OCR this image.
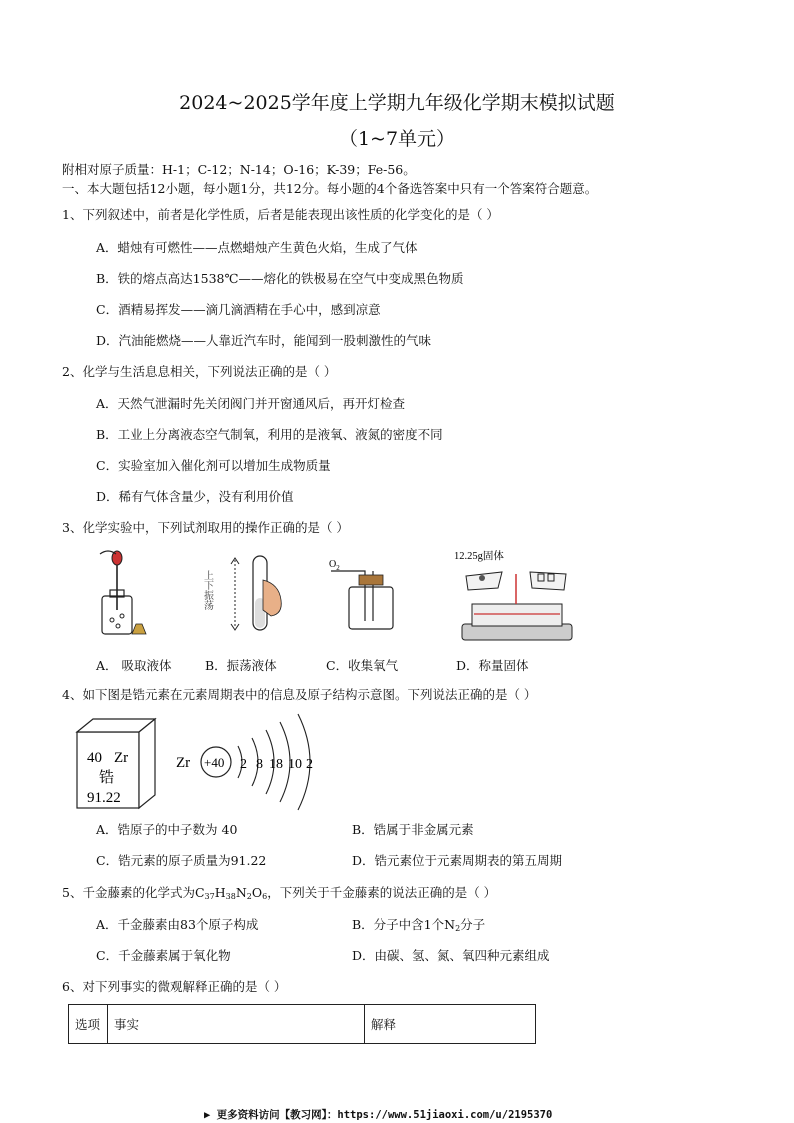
2024~2025学年度上学期九年级化学期末模拟试题
（1~7单元）
附相对原子质量：H-1；C-12；N-14；O-16；K-39；Fe-56。
一、本大题包括12小题，每小题1分，共12分。每小题的4个备选答案中只有一个答案符合题意。
1、下列叙述中，前者是化学性质，后者是能表现出该性质的化学变化的是（ ）
A．蜡烛有可燃性——点燃蜡烛产生黄色火焰，生成了气体
B．铁的熔点高达1538℃——熔化的铁极易在空气中变成黑色物质
C．酒精易挥发——滴几滴酒精在手心中，感到凉意
D．汽油能燃烧——人靠近汽车时，能闻到一股刺激性的气味
2、化学与生活息息相关，下列说法正确的是（ ）
A．天然气泄漏时先关闭阀门并开窗通风后，再开灯检查
B．工业上分离液态空气制氧，利用的是液氧、液氮的密度不同
C．实验室加入催化剂可以增加生成物质量
D．稀有气体含量少，没有利用价值
3、化学实验中，下列试剂取用的操作正确的是（ ）
上下振荡
$O_2$
12.25g固体
A． 吸取液体	B．振荡液体	C．收集氧气	D．称量固体
4、如下图是锆元素在元素周期表中的信息及原子结构示意图。下列说法正确的是（ ）
40 Zr
锆
91.22
Zr +40 2 8 18 10 2
A．锆原子的中子数为 40	B．锆属于非金属元素
C．锆元素的原子质量为91.22	D．锆元素位于元素周期表的第五周期
5、千金藤素的化学式为$C_{37}H_{38}N_2O_6$，下列关于千金藤素的说法正确的是（ ）
A．千金藤素由83个原子构成	B．分子中含1个$N_2$分子
C．千金藤素属于氧化物	D．由碳、氢、氮、氧四种元素组成
6、对下列事实的微观解释正确的是（ ）
选项	事实	解释
▶ 更多资料访问【教习网】：https://www.51jiaoxi.com/u/2195370
